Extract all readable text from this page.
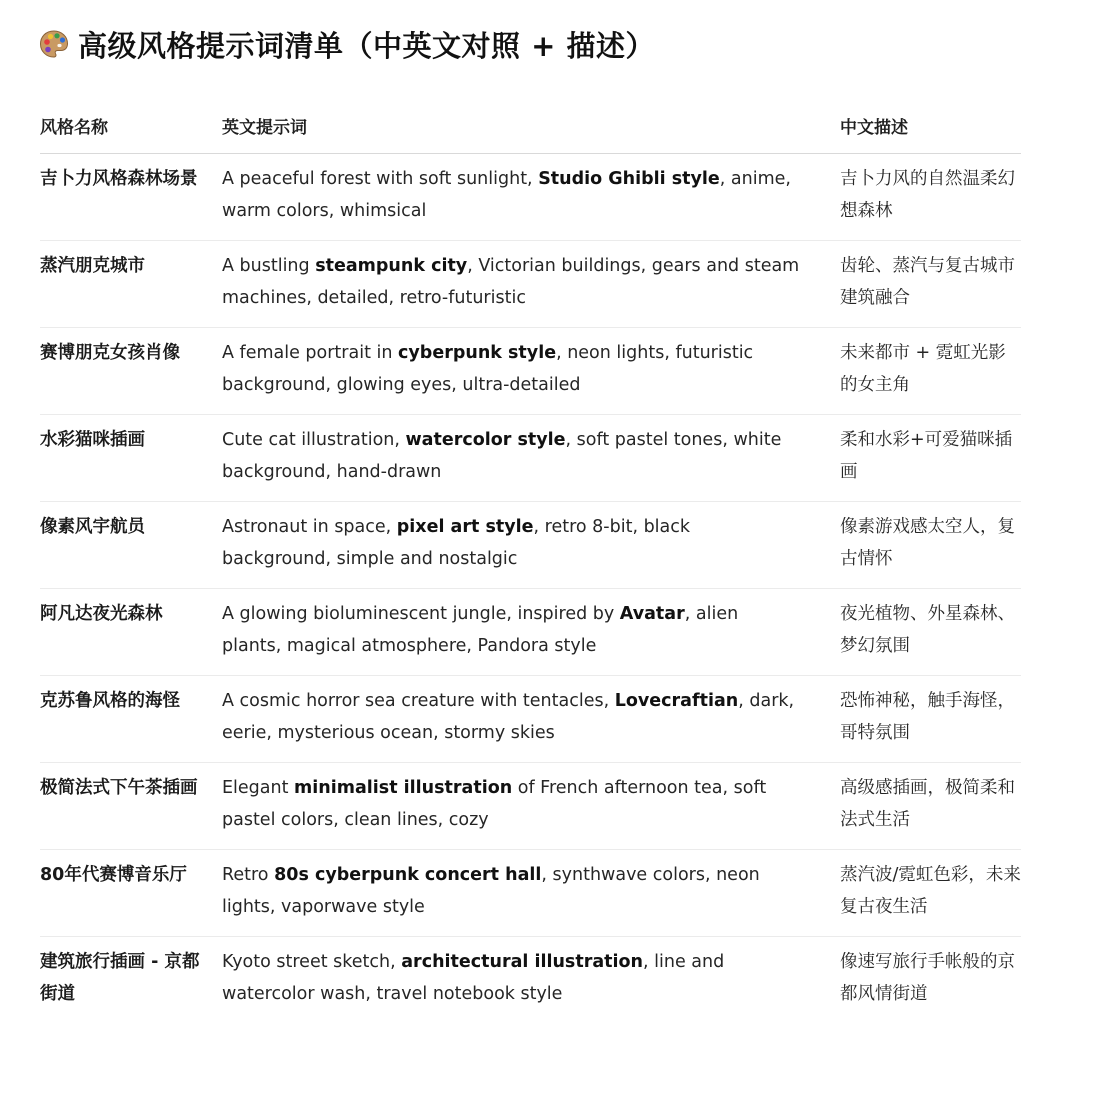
高级风格提示词清单（中英文对照 + 描述）
风格名称	英文提示词	中文描述
吉卜力风格森林场景	A peaceful forest with soft sunlight, Studio Ghibli style, anime, warm colors, whimsical	吉卜力风的自然温柔幻想森林
蒸汽朋克城市	A bustling steampunk city, Victorian buildings, gears and steam machines, detailed, retro-futuristic	齿轮、蒸汽与复古城市建筑融合
赛博朋克女孩肖像	A female portrait in cyberpunk style, neon lights, futuristic background, glowing eyes, ultra-detailed	未来都市 + 霓虹光影的女主角
水彩猫咪插画	Cute cat illustration, watercolor style, soft pastel tones, white background, hand-drawn	柔和水彩+可爱猫咪插画
像素风宇航员	Astronaut in space, pixel art style, retro 8-bit, black background, simple and nostalgic	像素游戏感太空人，复古情怀
阿凡达夜光森林	A glowing bioluminescent jungle, inspired by Avatar, alien plants, magical atmosphere, Pandora style	夜光植物、外星森林、梦幻氛围
克苏鲁风格的海怪	A cosmic horror sea creature with tentacles, Lovecraftian, dark, eerie, mysterious ocean, stormy skies	恐怖神秘，触手海怪，哥特氛围
极简法式下午茶插画	Elegant minimalist illustration of French afternoon tea, soft pastel colors, clean lines, cozy	高级感插画，极简柔和法式生活
80年代赛博音乐厅	Retro 80s cyberpunk concert hall, synthwave colors, neon lights, vaporwave style	蒸汽波/霓虹色彩，未来复古夜生活
建筑旅行插画 - 京都街道	Kyoto street sketch, architectural illustration, line and watercolor wash, travel notebook style	像速写旅行手帐般的京都风情街道
